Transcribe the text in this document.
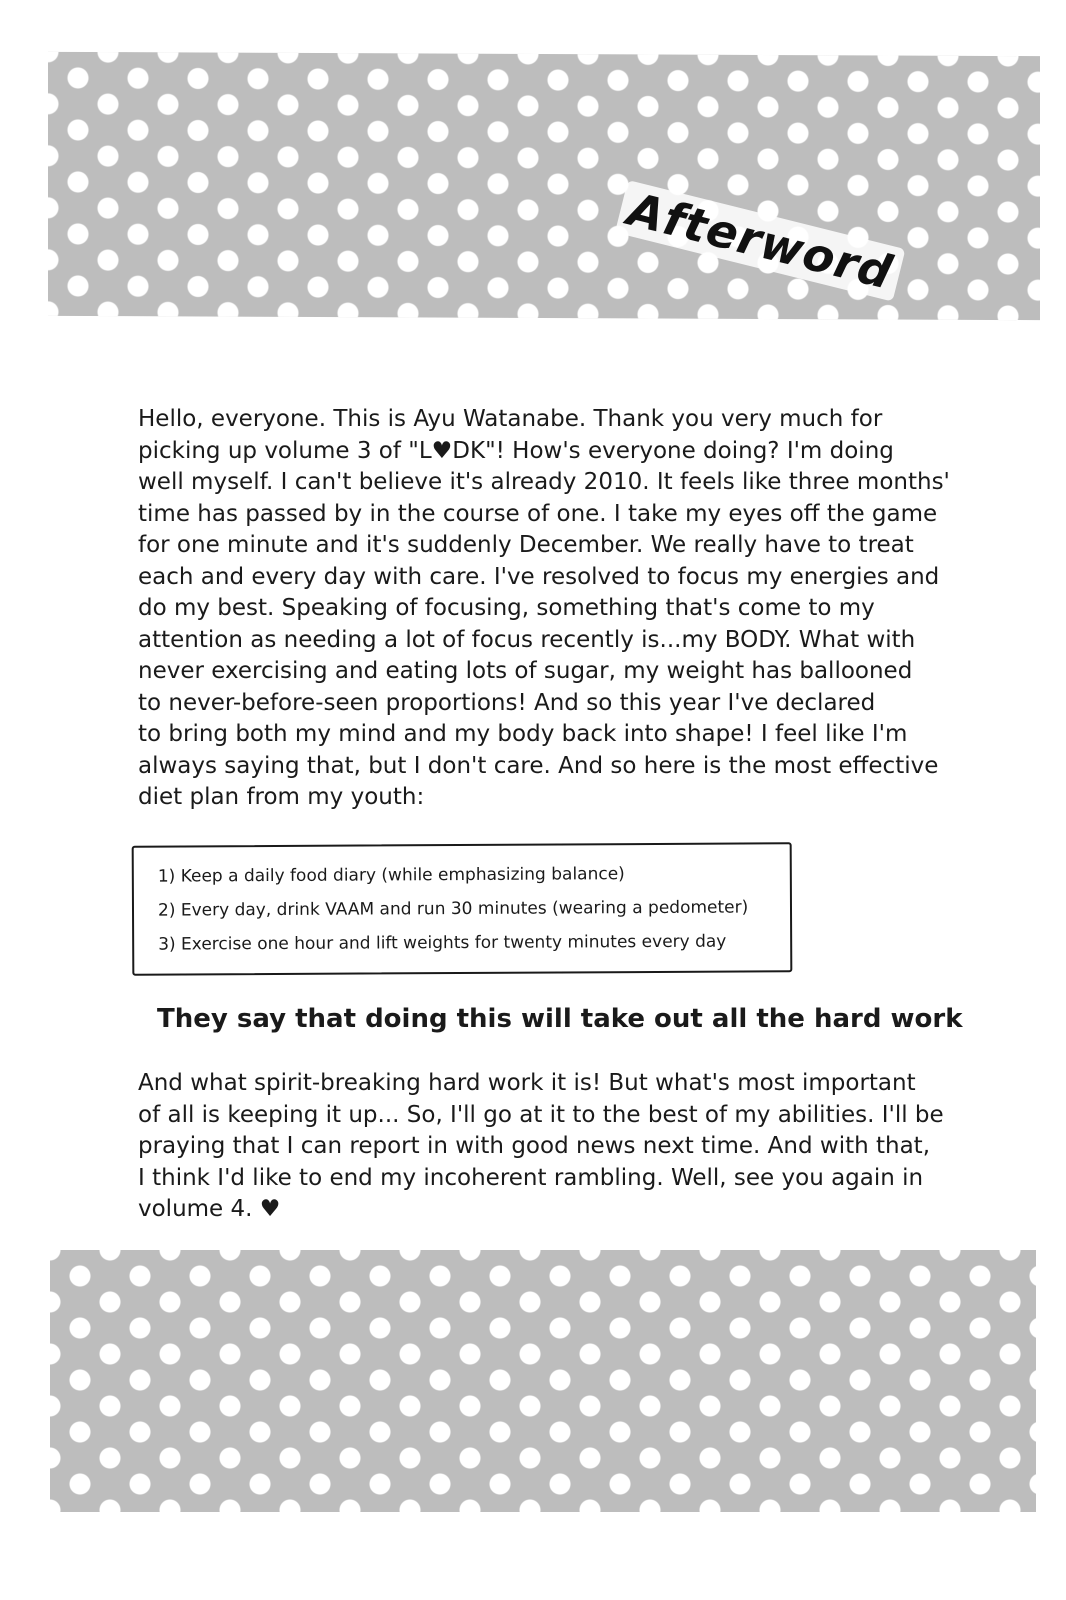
Afterword

Hello, everyone. This is Ayu Watanabe. Thank you very much for
picking up volume 3 of "L♥DK"! How's everyone doing? I'm doing
well myself. I can't believe it's already 2010. It feels like three months'
time has passed by in the course of one. I take my eyes off the game
for one minute and it's suddenly December. We really have to treat
each and every day with care. I've resolved to focus my energies and
do my best. Speaking of focusing, something that's come to my
attention as needing a lot of focus recently is...my BODY. What with
never exercising and eating lots of sugar, my weight has ballooned
to never-before-seen proportions! And so this year I've declared
to bring both my mind and my body back into shape! I feel like I'm
always saying that, but I don't care. And so here is the most effective
diet plan from my youth:

1) Keep a daily food diary (while emphasizing balance)
2) Every day, drink VAAM and run 30 minutes (wearing a pedometer)
3) Exercise one hour and lift weights for twenty minutes every day

They say that doing this will take out all the hard work

And what spirit-breaking hard work it is! But what's most important
of all is keeping it up... So, I'll go at it to the best of my abilities. I'll be
praying that I can report in with good news next time. And with that,
I think I'd like to end my incoherent rambling. Well, see you again in
volume 4. ♥
